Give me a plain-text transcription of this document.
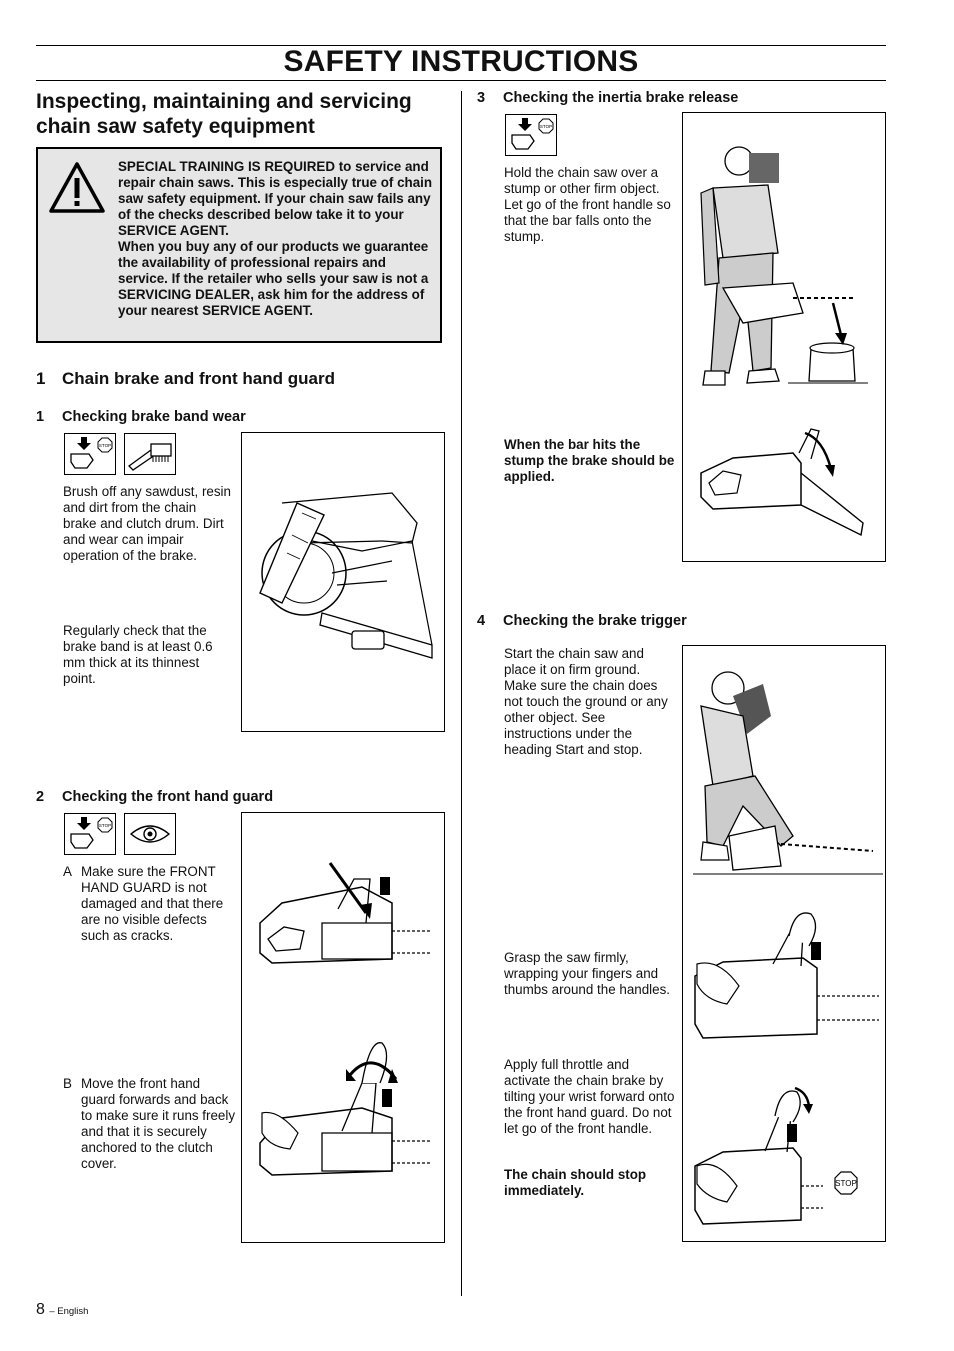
SAFETY INSTRUCTIONS
Inspecting, maintaining and servicing chain saw safety equipment
SPECIAL TRAINING IS REQUIRED to service and repair chain saws. This is especially true of chain saw safety equipment. If your chain saw fails any of the checks described below take it to your SERVICE AGENT.
When you buy any of our products we guarantee the availability of professional repairs and service. If the retailer who sells your saw is not a SERVICING DEALER, ask him for the address of your nearest SERVICE AGENT.
1 Chain brake and front hand guard
1 Checking brake band wear
STOP
Brush off any sawdust, resin and dirt from the chain brake and clutch drum. Dirt and wear can impair operation of the brake.
Regularly check that the brake band is at least 0.6 mm thick at its thinnest point.
2 Checking the front hand guard
STOP
A Make sure the FRONT HAND GUARD is not damaged and that there are no visible defects such as cracks.
B Move the front hand guard forwards and back to make sure it runs freely and that it is securely anchored to the clutch cover.
3 Checking the inertia brake release
STOP
Hold the chain saw over a stump or other firm object. Let go of the front handle so that the bar falls onto the stump.
When the bar hits the stump the brake should be applied.
4 Checking the brake trigger
Start the chain saw and place it on firm ground. Make sure the chain does not touch the ground or any other object. See instructions under the heading Start and stop.
Grasp the saw firmly, wrapping your fingers and thumbs around the handles.
Apply full throttle and activate the chain brake by tilting your wrist forward onto the front hand guard. Do not let go of the front handle.
The chain should stop immediately.	STOP
8 – English
